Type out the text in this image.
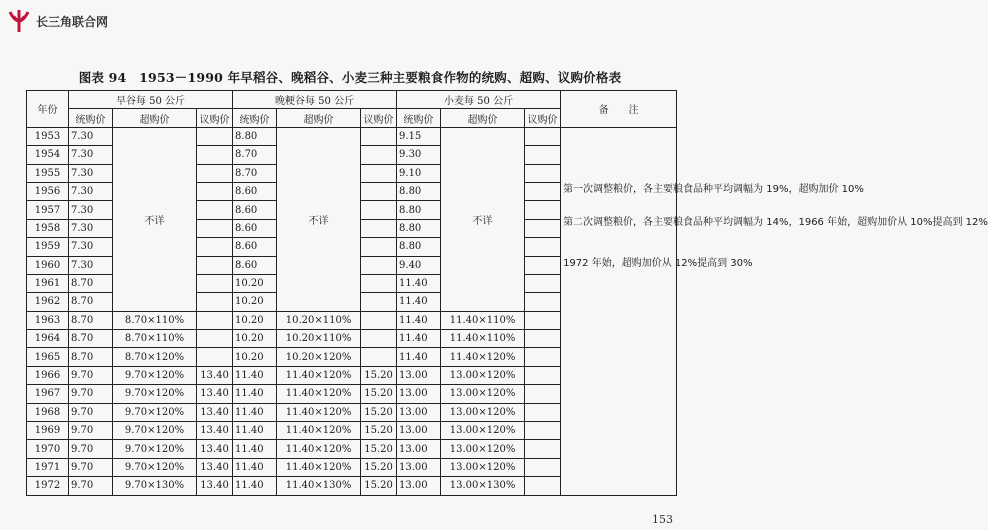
长三角联合网
图表 94　1953－1990 年早稻谷、晚稻谷、小麦三种主要粮食作物的统购、超购、议购价格表
年份	早谷每 50 公斤			晚粳谷每 50 公斤			小麦每 50 公斤			备　　注
	统购价	超购价	议购价	统购价	超购价	议购价	统购价	超购价	议购价	
1953	7.30	不详		8.80	不详		9.15	不详		第一次调整粮价，各主要粮食品种平均调幅为 19%，超购加价 10%
第二次调整粮价，各主要粮食品种平均调幅为 14%，1966 年始，超购加价从 10%提高到 12%
1972 年始，超购加价从 12%提高到 30%

1954	7.30			8.70			9.30			
1955	7.30			8.70			9.10			
1956	7.30			8.60			8.80			
1957	7.30			8.60			8.80			
1958	7.30			8.60			8.80			
1959	7.30			8.60			8.80			
1960	7.30			8.60			9.40			
1961	8.70			10.20			11.40			
1962	8.70			10.20			11.40			
1963	8.70	8.70×110%		10.20	10.20×110%		11.40	11.40×110%		
1964	8.70	8.70×110%		10.20	10.20×110%		11.40	11.40×110%		
1965	8.70	8.70×120%		10.20	10.20×120%		11.40	11.40×120%		
1966	9.70	9.70×120%	13.40	11.40	11.40×120%	15.20	13.00	13.00×120%		
1967	9.70	9.70×120%	13.40	11.40	11.40×120%	15.20	13.00	13.00×120%		
1968	9.70	9.70×120%	13.40	11.40	11.40×120%	15.20	13.00	13.00×120%		
1969	9.70	9.70×120%	13.40	11.40	11.40×120%	15.20	13.00	13.00×120%		
1970	9.70	9.70×120%	13.40	11.40	11.40×120%	15.20	13.00	13.00×120%		
1971	9.70	9.70×120%	13.40	11.40	11.40×120%	15.20	13.00	13.00×120%		
1972	9.70	9.70×130%	13.40	11.40	11.40×130%	15.20	13.00	13.00×130%		
153
